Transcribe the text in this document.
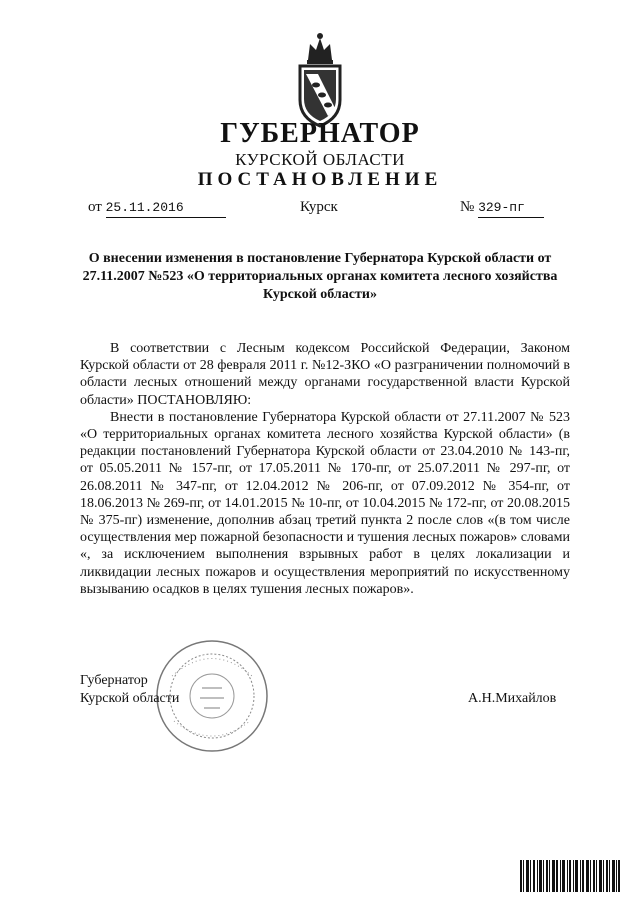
ГУБЕРНАТОР
КУРСКОЙ ОБЛАСТИ
ПОСТАНОВЛЕНИЕ
от 25.11.2016	Курск	№ 329-пг
О внесении изменения в постановление Губернатора Курской области от 27.11.2007 №523 «О территориальных органах комитета лесного хозяйства Курской области»

В соответствии с Лесным кодексом Российской Федерации, Законом Курской области от 28 февраля 2011 г. №12-ЗКО «О разграничении полномочий в области лесных отношений между органами государственной власти Курской области» ПОСТАНОВЛЯЮ:

Внести в постановление Губернатора Курской области от 27.11.2007 № 523 «О территориальных органах комитета лесного хозяйства Курской области» (в редакции постановлений Губернатора Курской области от 23.04.2010 № 143-пг, от 05.05.2011 № 157-пг, от 17.05.2011 № 170-пг, от 25.07.2011 № 297-пг, от 26.08.2011 № 347-пг, от 12.04.2012 № 206-пг, от 07.09.2012 № 354-пг, от 18.06.2013 № 269-пг, от 14.01.2015 № 10-пг, от 10.04.2015 № 172-пг, от 20.08.2015 № 375-пг) изменение, дополнив абзац третий пункта 2 после слов «(в том числе осуществления мер пожарной безопасности и тушения лесных пожаров» словами «, за исключением выполнения взрывных работ в целях локализации и ликвидации лесных пожаров и осуществления мероприятий по искусственному вызыванию осадков в целях тушения лесных пожаров».

Губернатор
Курской области	А.Н.Михайлов
